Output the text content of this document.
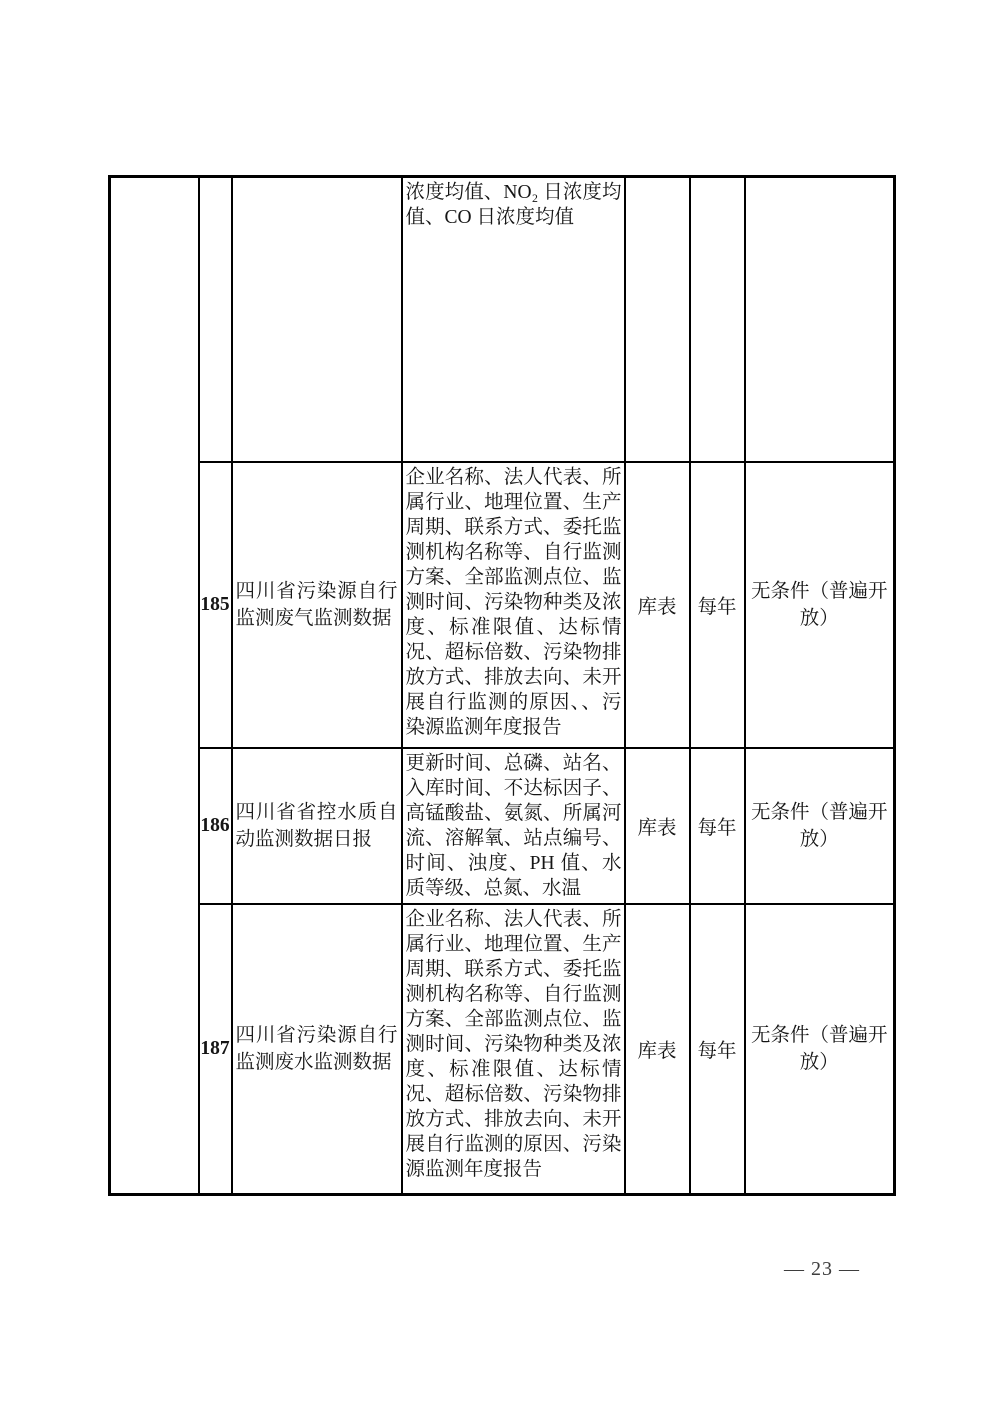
			浓度均值、NO₂ 日浓度均值、CO 日浓度均值			
	185	四川省污染源自行监测废气监测数据	企业名称、法人代表、所属行业、地理位置、生产周期、联系方式、委托监测机构名称等、自行监测方案、全部监测点位、监测时间、污染物种类及浓度、标准限值、达标情况、超标倍数、污染物排放方式、排放去向、未开展自行监测的原因、、污染源监测年度报告	库表	每年	无条件（普遍开放）
	186	四川省省控水质自动监测数据日报	更新时间、总磷、站名、入库时间、不达标因子、高锰酸盐、氨氮、所属河流、溶解氧、站点编号、时间、浊度、PH 值、水质等级、总氮、水温	库表	每年	无条件（普遍开放）
	187	四川省污染源自行监测废水监测数据	企业名称、法人代表、所属行业、地理位置、生产周期、联系方式、委托监测机构名称等、自行监测方案、全部监测点位、监测时间、污染物种类及浓度、标准限值、达标情况、超标倍数、污染物排放方式、排放去向、未开展自行监测的原因、污染源监测年度报告	库表	每年	无条件（普遍开放）
— 23 —
